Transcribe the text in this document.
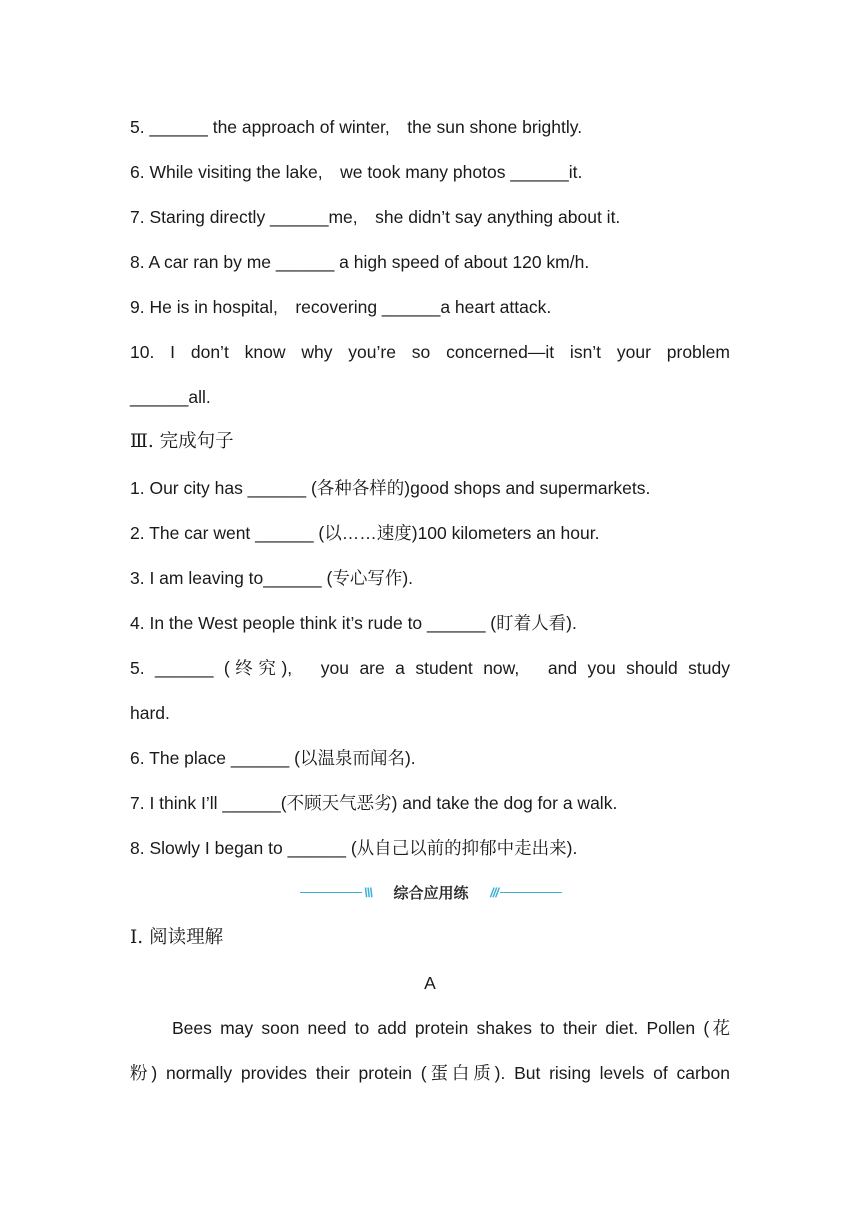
5. ______ the approach of winter,　the sun shone brightly.
6. While visiting the lake,　we took many photos ______it.
7. Staring directly ______me,　she didn’t say anything about it.
8. A car ran by me ______ a high speed of about 120 km/h.
9. He is in hospital,　recovering ______a heart attack.
10. I don’t know why you’re so concerned—it isn’t your problem
______all.
Ⅲ. 完成句子
1. Our city has ______ (各种各样的)good shops and supermarkets.
2. The car went ______ (以……速度)100 kilometers an hour.
3. I am leaving to______ (专心写作).
4. In the West people think it’s rude to ______ (盯着人看).
5. ______ (终究),　you are a student now,　and you should study
hard.
6. The place ______ (以温泉而闻名).
7. I think I’ll ______(不顾天气恶劣) and take the dog for a walk.
8. Slowly I began to ______ (从自己以前的抑郁中走出来).
\\\	综合应用练	///
Ⅰ. 阅读理解
A
Bees may soon need to add protein shakes to their diet. Pollen (花
粉) normally provides their protein (蛋白质). But rising levels of carbon
